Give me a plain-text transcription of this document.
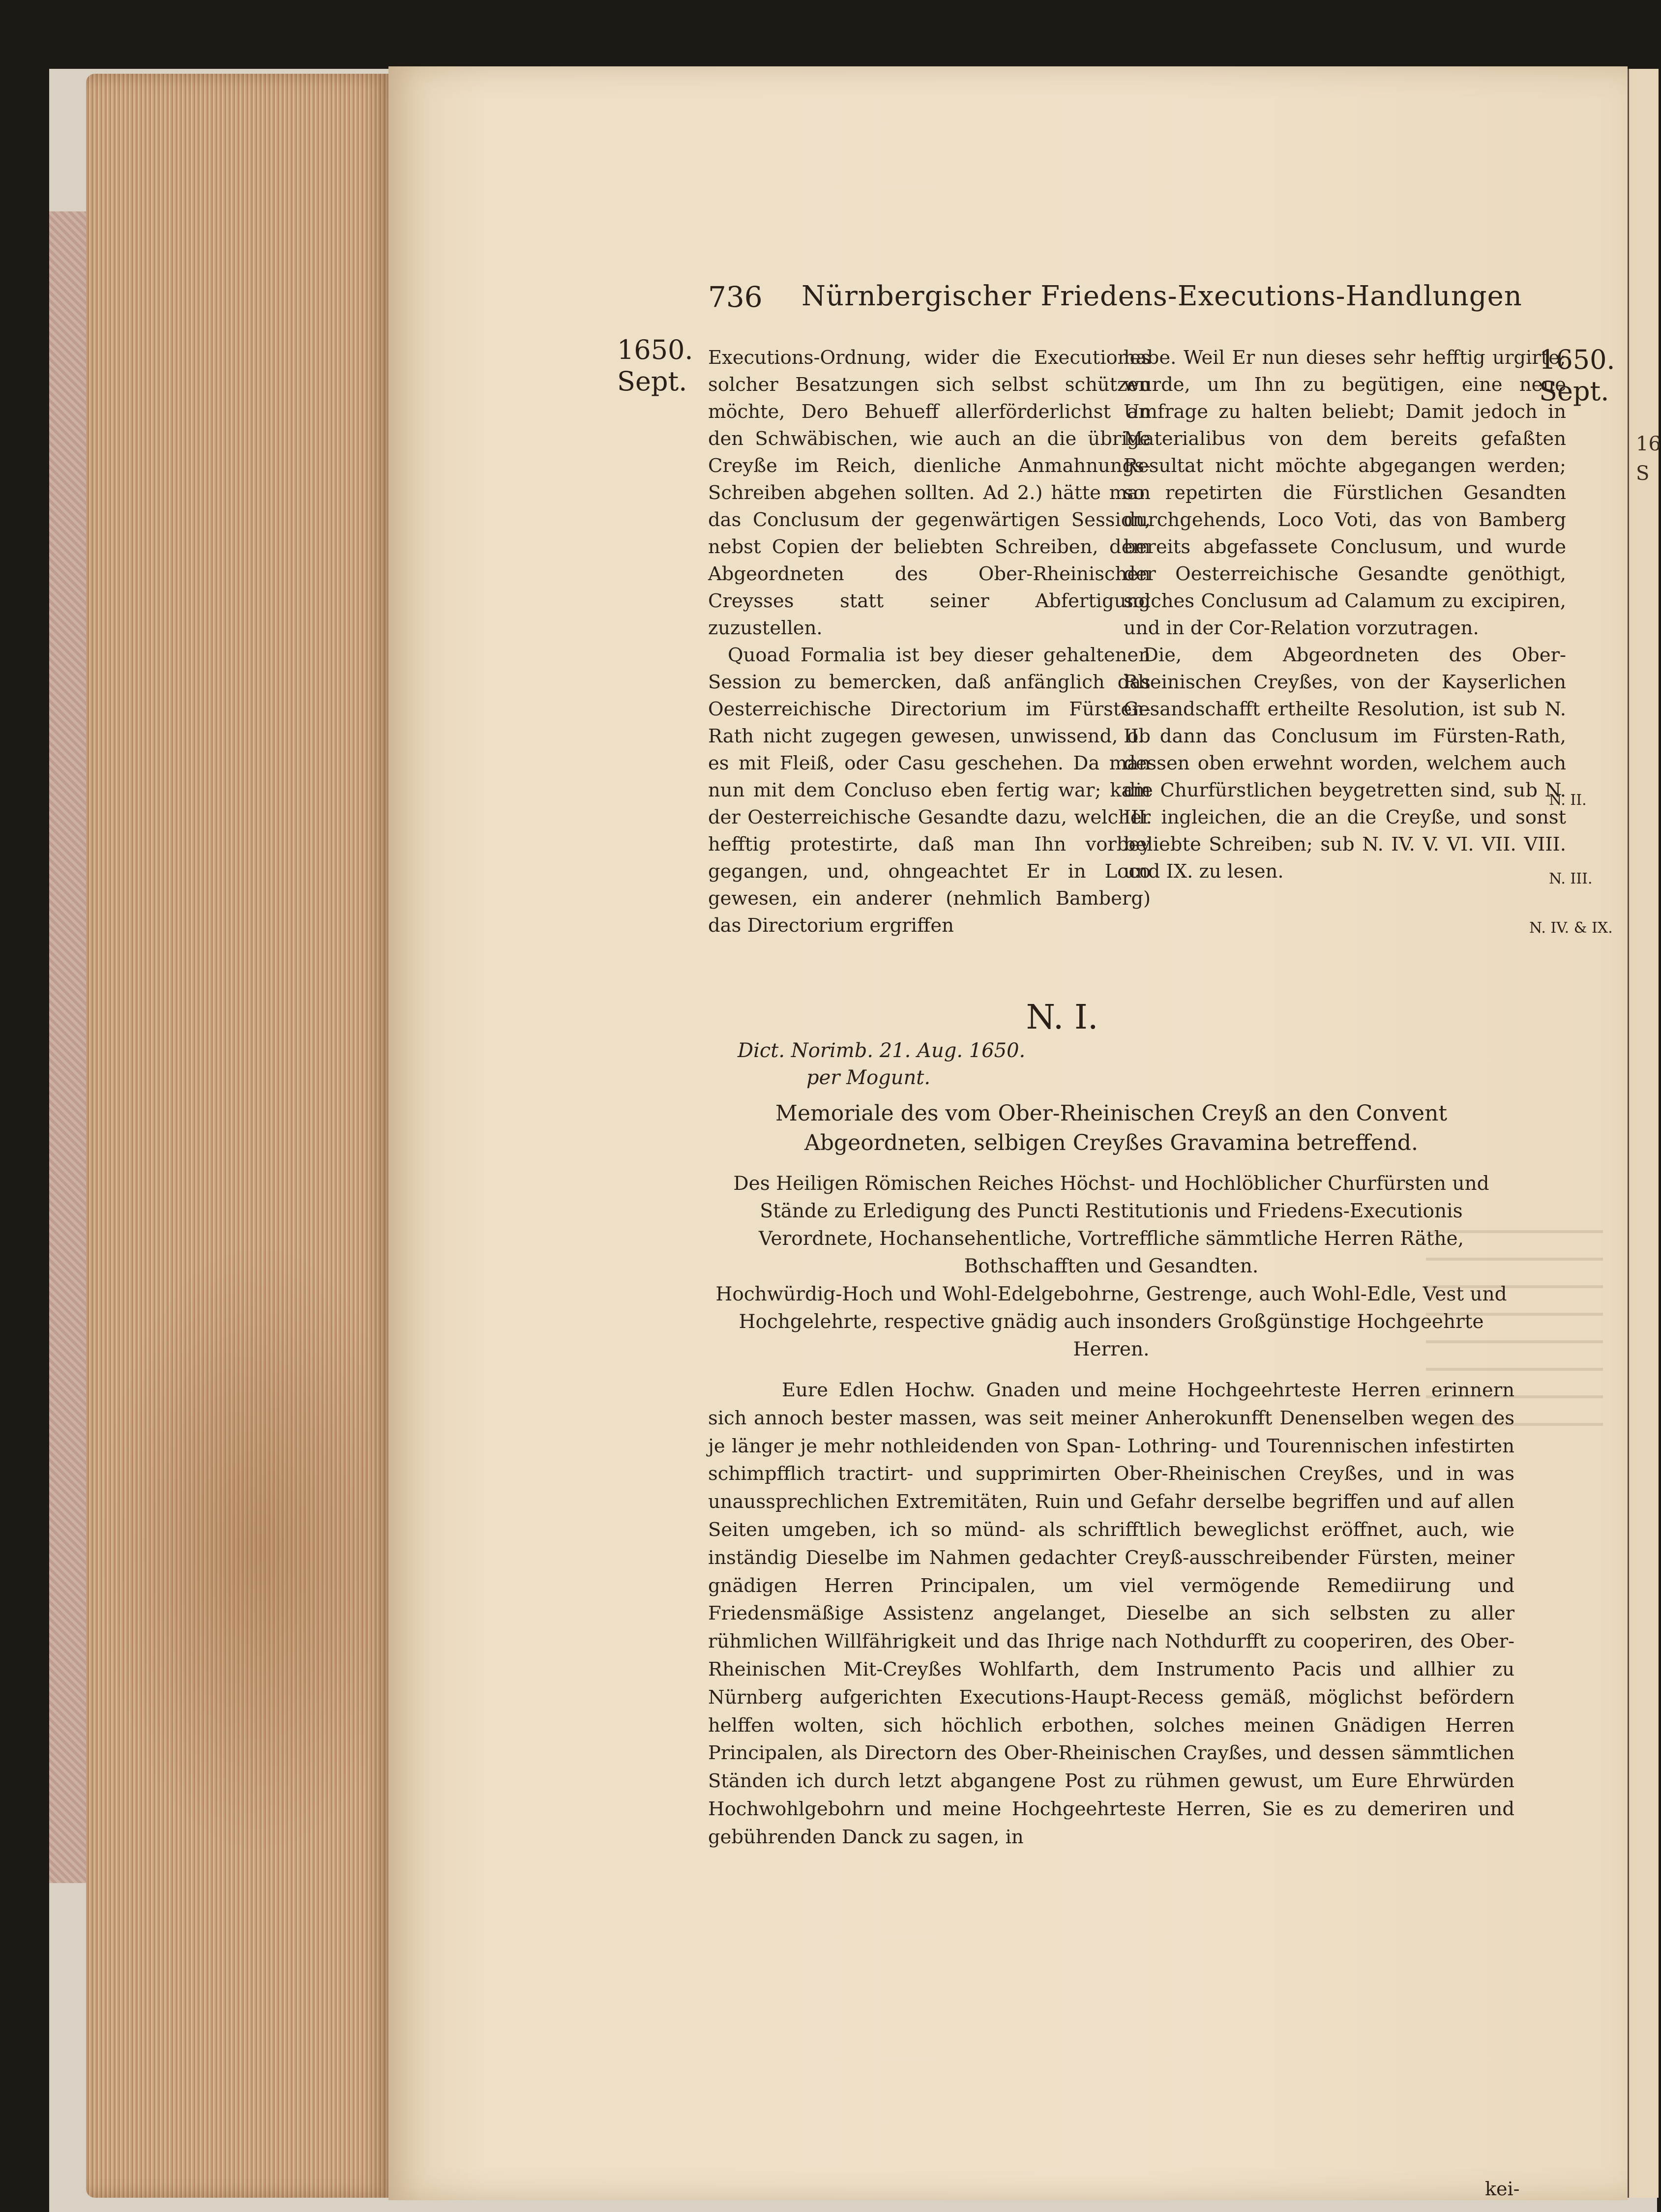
16
S
736 Nürnbergischer Friedens-Executions-Handlungen
1650.
Sept.
1650.
Sept.
N. II.
N. III.
N. IV. & IX.

Executions-Ordnung, wider die Executiones solcher Besatzungen sich selbst schützen möchte, Dero Behueff allerförderlichst an den Schwäbischen, wie auch an die übrige Creyße im Reich, dienliche Anmahnungs-Schreiben abgehen sollten. Ad 2.) hätte man das Conclusum der gegenwärtigen Session, nebst Copien der beliebten Schreiben, dem Abgeordneten des Ober-Rheinischen Creysses statt seiner Abfertigung zuzustellen.

Quoad Formalia ist bey dieser gehaltenen Session zu bemercken, daß anfänglich das Oesterreichische Directorium im Fürsten-Rath nicht zugegen gewesen, unwissend, ob es mit Fleiß, oder Casu geschehen. Da man nun mit dem Concluso eben fertig war; kam der Oesterreichische Gesandte dazu, welcher hefftig protestirte, daß man Ihn vorbey gegangen, und, ohngeachtet Er in Loco gewesen, ein anderer (nehmlich Bamberg) das Directorium ergriffen

habe. Weil Er nun dieses sehr hefftig urgirte; wurde, um Ihn zu begütigen, eine neue Umfrage zu halten beliebt; Damit jedoch in Materialibus von dem bereits gefaßten Resultat nicht möchte abgegangen werden; so repetirten die Fürstlichen Gesandten durchgehends, Loco Voti, das von Bamberg bereits abgefassete Conclusum, und wurde der Oesterreichische Gesandte genöthigt, solches Conclusum ad Calamum zu excipiren, und in der Cor-Relation vorzutragen.

Die, dem Abgeordneten des Ober-Rheinischen Creyßes, von der Kayserlichen Gesandschafft ertheilte Resolution, ist sub N. II. dann das Conclusum im Fürsten-Rath, dessen oben erwehnt worden, welchem auch die Churfürstlichen beygetretten sind, sub N. III. ingleichen, die an die Creyße, und sonst beliebte Schreiben; sub N. IV. V. VI. VII. VIII. und IX. zu lesen.

N. I.
Dict. Norimb. 21. Aug. 1650.
per Mogunt.
Memoriale des vom Ober-Rheinischen Creyß an den Convent Abgeordneten, selbigen Creyßes Gravamina betreffend.
Des Heiligen Römischen Reiches Höchst- und Hochlöblicher Churfürsten und Stände zu Erledigung des Puncti Restitutionis und Friedens-Executionis Verordnete, Hochansehentliche, Vortreffliche sämmtliche Herren Räthe, Bothschafften und Gesandten.
Hochwürdig-Hoch und Wohl-Edelgebohrne, Gestrenge, auch Wohl-Edle, Vest und Hochgelehrte, respective gnädig auch insonders Großgünstige Hochgeehrte Herren.
Eure Edlen Hochw. Gnaden und meine Hochgeehrteste Herren erinnern sich annoch bester massen, was seit meiner Anherokunfft Denenselben wegen des je länger je mehr nothleidenden von Span- Lothring- und Tourennischen infestirten schimpfflich tractirt- und supprimirten Ober-Rheinischen Creyßes, und in was unaussprechlichen Extremitäten, Ruin und Gefahr derselbe begriffen und auf allen Seiten umgeben, ich so münd- als schrifftlich beweglichst eröffnet, auch, wie inständig Dieselbe im Nahmen gedachter Creyß-ausschreibender Fürsten, meiner gnädigen Herren Principalen, um viel vermögende Remediirung und Friedensmäßige Assistenz angelanget, Dieselbe an sich selbsten zu aller rühmlichen Willfährigkeit und das Ihrige nach Nothdurfft zu cooperiren, des Ober-Rheinischen Mit-Creyßes Wohlfarth, dem Instrumento Pacis und allhier zu Nürnberg aufgerichten Executions-Haupt-Recess gemäß, möglichst befördern helffen wolten, sich höchlich erbothen, solches meinen Gnädigen Herren Principalen, als Directorn des Ober-Rheinischen Crayßes, und dessen sämmtlichen Ständen ich durch letzt abgangene Post zu rühmen gewust, um Eure Ehrwürden Hochwohlgebohrn und meine Hochgeehrteste Herren, Sie es zu demeriren und gebührenden Danck zu sagen, in
kei-
